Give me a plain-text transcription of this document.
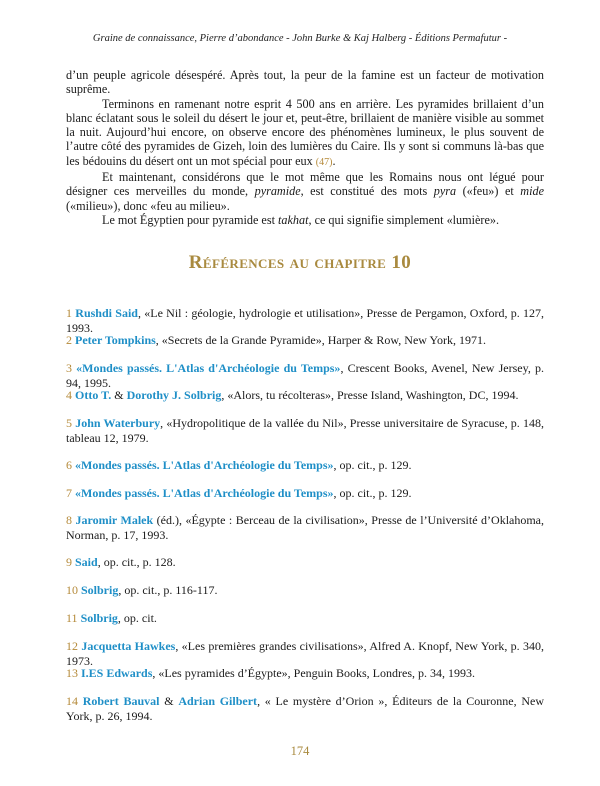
Graine de connaissance, Pierre d’abondance - John Burke & Kaj Halberg - Éditions Permafutur -

d’un peuple agricole désespéré. Après tout, la peur de la famine est un facteur de motivation suprême.

Terminons en ramenant notre esprit 4 500 ans en arrière. Les pyramides brillaient d’un blanc éclatant sous le soleil du désert le jour et, peut-être, brillaient de manière visible au sommet la nuit. Aujourd’hui encore, on observe encore des phénomènes lumineux, le plus souvent de l’autre côté des pyramides de Gizeh, loin des lumières du Caire. Ils y sont si communs là-bas que les bédouins du désert ont un mot spécial pour eux (47).

Et maintenant, considérons que le mot même que les Romains nous ont légué pour désigner ces merveilles du monde, pyramide, est constitué des mots pyra («feu») et mide («milieu»), donc «feu au milieu».

Le mot Égyptien pour pyramide est takhat, ce qui signifie simplement «lumière».

Références au chapitre 10
1 Rushdi Said, «Le Nil : géologie, hydrologie et utilisation», Presse de Pergamon, Oxford, p. 127, 1993.
2 Peter Tompkins, «Secrets de la Grande Pyramide», Harper & Row, New York, 1971.
3 «Mondes passés. L'Atlas d'Archéologie du Temps», Crescent Books, Avenel, New Jersey, p. 94, 1995.
4 Otto T. & Dorothy J. Solbrig, «Alors, tu récolteras», Presse Island, Washington, DC, 1994.
5 John Waterbury, «Hydropolitique de la vallée du Nil», Presse universitaire de Syracuse, p. 148, tableau 12, 1979.
6 «Mondes passés. L'Atlas d'Archéologie du Temps», op. cit., p. 129.
7 «Mondes passés. L'Atlas d'Archéologie du Temps», op. cit., p. 129.
8 Jaromir Malek (éd.), «Égypte : Berceau de la civilisation», Presse de l’Université d’Oklahoma, Norman, p. 17, 1993.
9 Said, op. cit., p. 128.
10 Solbrig, op. cit., p. 116-117.
11 Solbrig, op. cit.
12 Jacquetta Hawkes, «Les premières grandes civilisations», Alfred A. Knopf, New York, p. 340, 1973.
13 I.ES Edwards, «Les pyramides d’Égypte», Penguin Books, Londres, p. 34, 1993.
14 Robert Bauval & Adrian Gilbert, « Le mystère d’Orion », Éditeurs de la Couronne, New York, p. 26, 1994.
174
